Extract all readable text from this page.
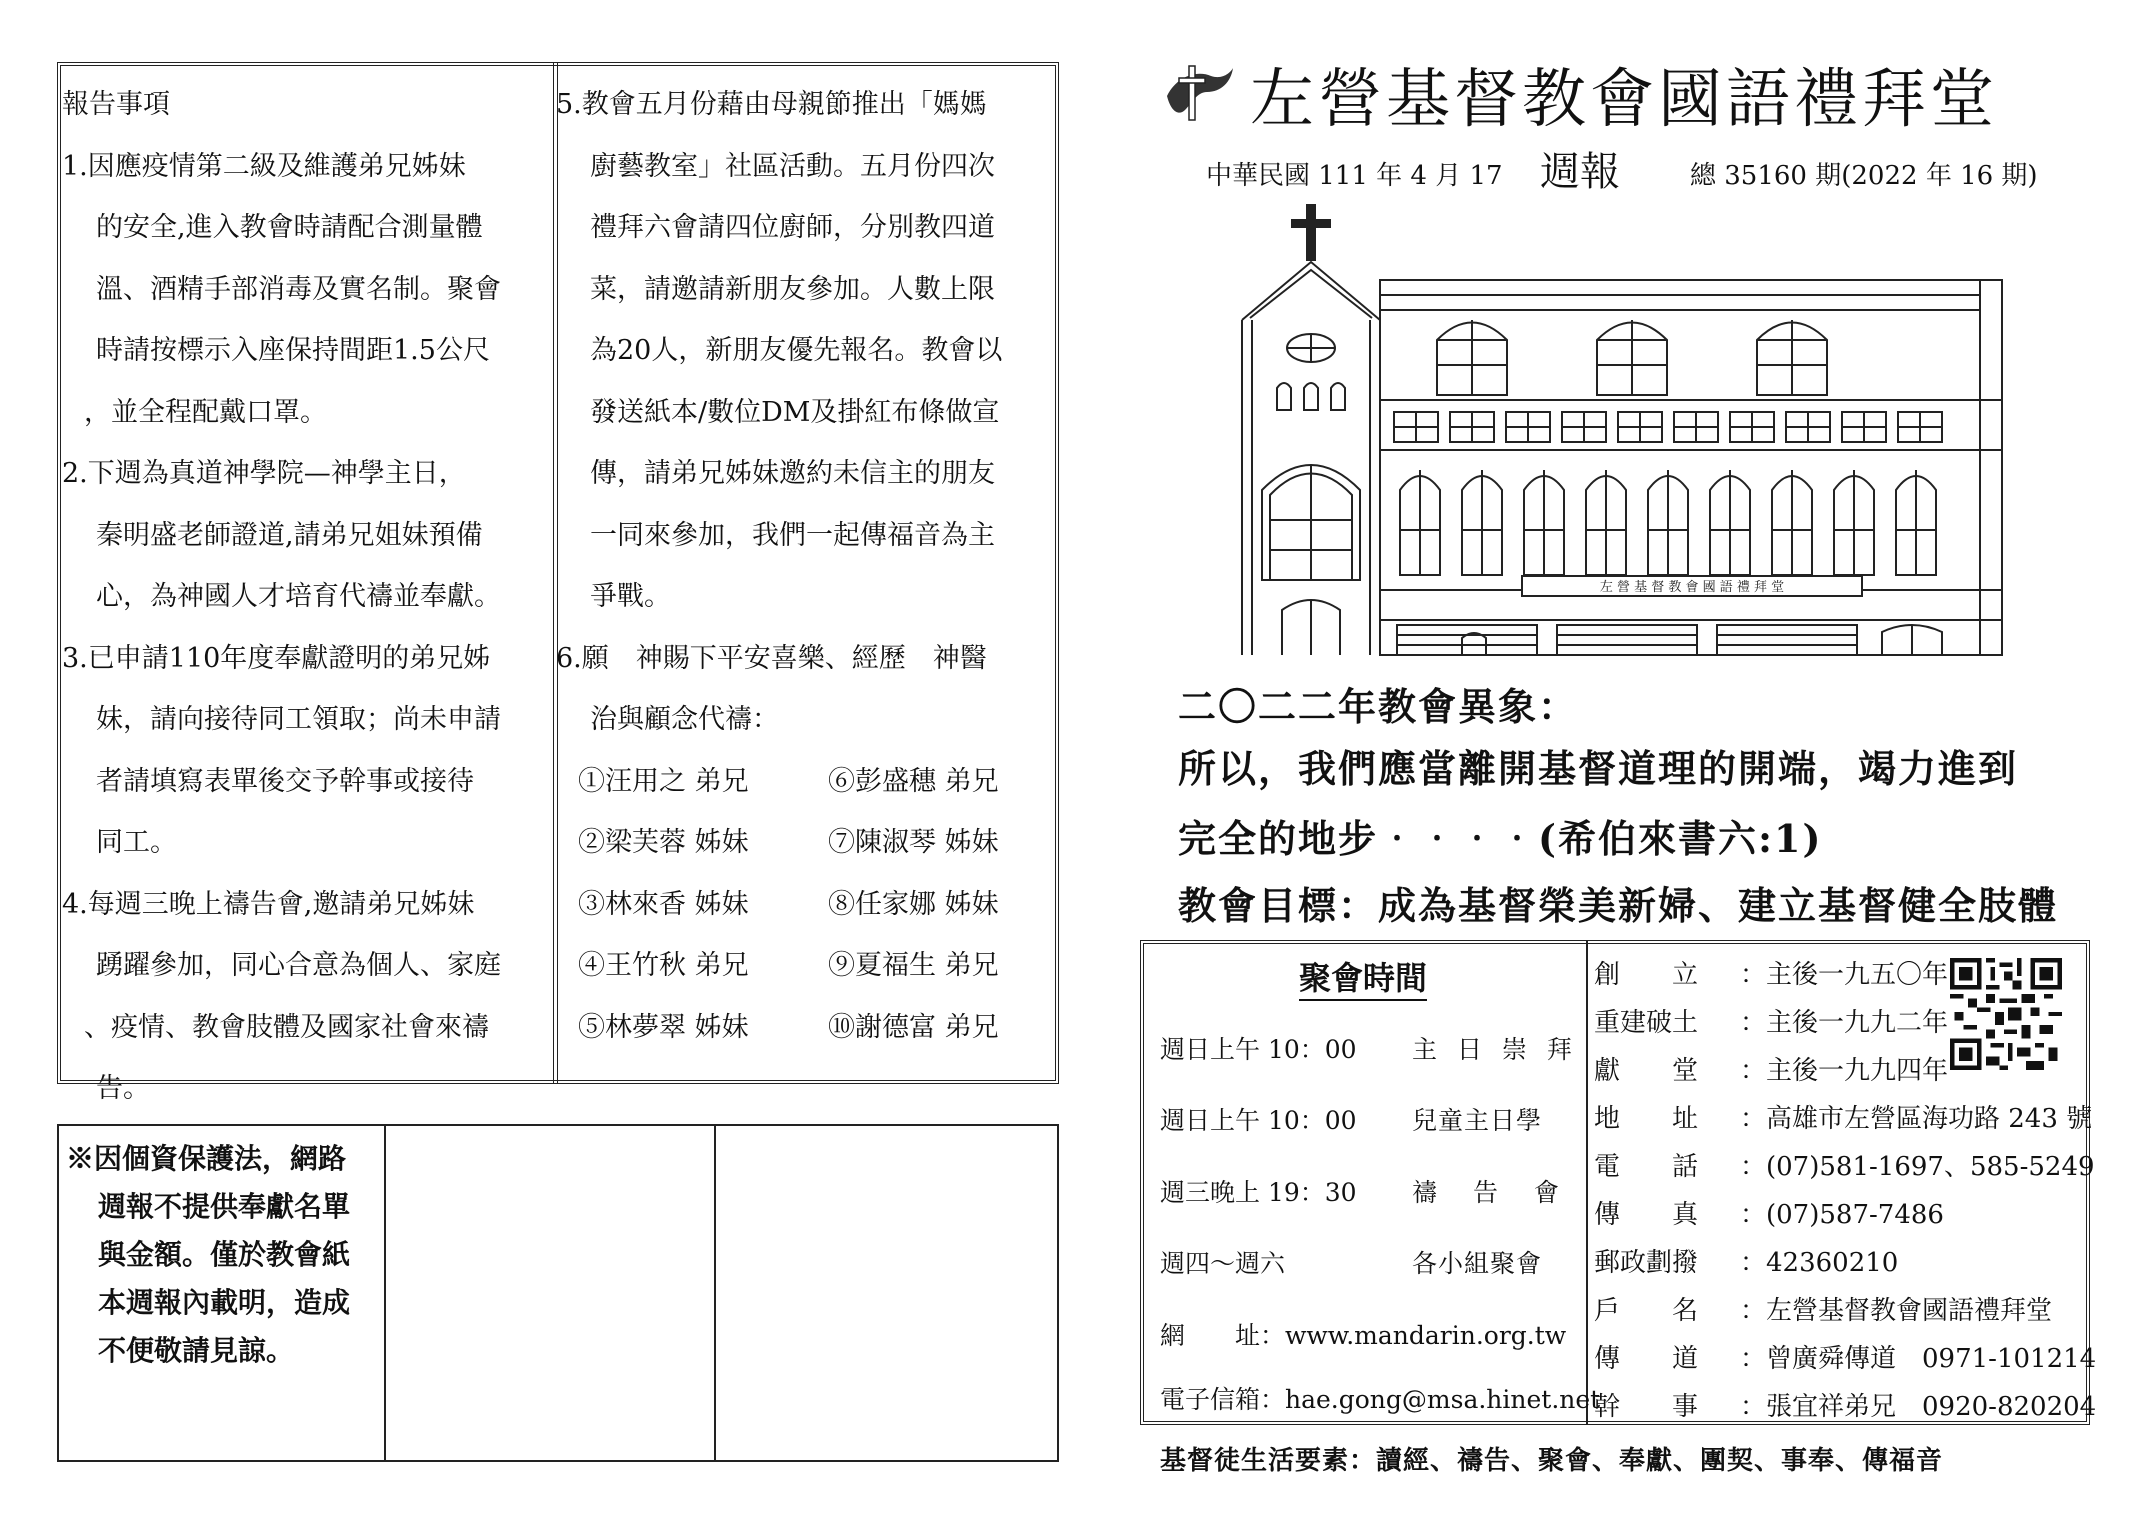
報告事項
1.因應疫情第二級及維護弟兄姊妹
的安全,進入教會時請配合測量體
溫、酒精手部消毒及實名制。聚會
時請按標示入座保持間距1.5公尺
，並全程配戴口罩。
2.下週為真道神學院—神學主日，
秦明盛老師證道,請弟兄姐妹預備
心，為神國人才培育代禱並奉獻。
3.已申請110年度奉獻證明的弟兄姊
妹，請向接待同工領取；尚未申請
者請填寫表單後交予幹事或接待
同工。
4.每週三晚上禱告會,邀請弟兄姊妹
踴躍參加，同心合意為個人、家庭
、疫情、教會肢體及國家社會來禱
告。
5.教會五月份藉由母親節推出「媽媽
廚藝教室」社區活動。五月份四次
禮拜六會請四位廚師，分別教四道
菜，請邀請新朋友參加。人數上限
為20人，新朋友優先報名。教會以
發送紙本/數位DM及掛紅布條做宣
傳，請弟兄姊妹邀約未信主的朋友
一同來參加，我們一起傳福音為主
爭戰。
6.願　神賜下平安喜樂、經歷　神醫
治與顧念代禱：
①汪用之 弟兄	⑥彭盛穗 弟兄
②梁芙蓉 姊妹	⑦陳淑琴 姊妹
③林來香 姊妹	⑧任家娜 姊妹
④王竹秋 弟兄	⑨夏福生 弟兄
⑤林夢翠 姊妹	⑩謝德富 弟兄
※因個資保護法，網路
週報不提供奉獻名單
與金額。僅於教會紙
本週報內載明，造成
不便敬請見諒。
左營基督教會國語禮拜堂
中華民國 111 年 4 月 17 週報	總 35160 期(2022 年 16 期)
左 營 基 督 教 會 國 語 禮 拜 堂
二〇二二年教會異象：
所以，我們應當離開基督道理的開端，竭力進到
完全的地步‧‧‧‧(希伯來書六:1)
教會目標：成為基督榮美新婦、建立基督健全肢體
聚會時間
週日上午 10：00 主 日 崇 拜
週日上午 10：00 兒童主日學
週三晚上 19：30 禱 告 會
週四～週六	各小組聚會
網　　址：www.mandarin.org.tw
電子信箱：hae.gong@msa.hinet.net
創　　立 ：主後一九五〇年
重建破土 ：主後一九九二年
獻　　堂 ：主後一九九四年
地　　址 ：高雄市左營區海功路 243 號
電　　話 ：(07)581-1697、585-5249
傳　　真 ：(07)587-7486
郵政劃撥 ：42360210
戶　　名 ：左營基督教會國語禮拜堂
傳　　道 ：曾廣舜傳道　0971-101214
幹　　事 ：張宜祥弟兄　0920-820204
基督徒生活要素：讀經、禱告、聚會、奉獻、團契、事奉、傳福音
